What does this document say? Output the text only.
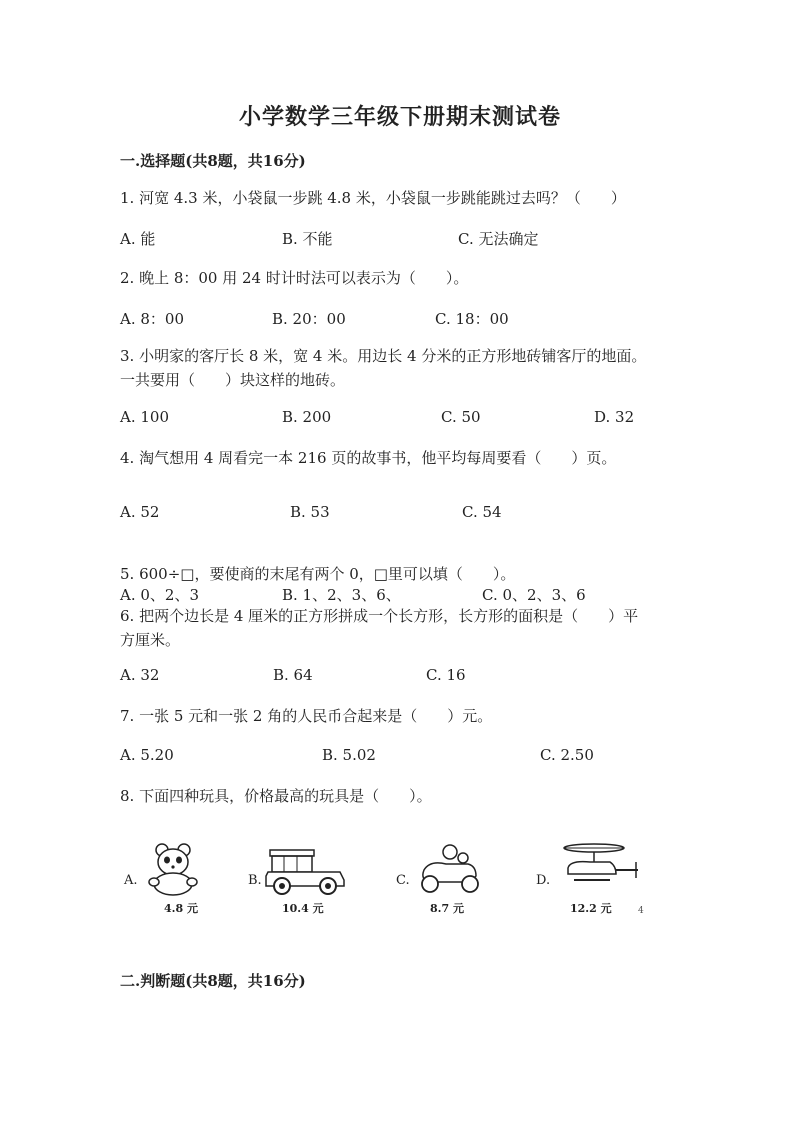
小学数学三年级下册期末测试卷
一.选择题(共8题，共16分)
1. 河宽 4.3 米，小袋鼠一步跳 4.8 米，小袋鼠一步跳能跳过去吗？（　　）
A. 能	B. 不能	C. 无法确定
2. 晚上 8：00 用 24 时计时法可以表示为（　　）。
A. 8：00	B. 20：00	C. 18：00
3. 小明家的客厅长 8 米，宽 4 米。用边长 4 分米的正方形地砖铺客厅的地面。
一共要用（　　）块这样的地砖。
A. 100	B. 200	C. 50	D. 32
4. 淘气想用 4 周看完一本 216 页的故事书，他平均每周要看（　　）页。
A. 52	B. 53	C. 54
5. 600÷□，要使商的末尾有两个 0，□里可以填（　　）。
A. 0、2、3	B. 1、2、3、6、	C. 0、2、3、6
6. 把两个边长是 4 厘米的正方形拼成一个长方形，长方形的面积是（　　）平
方厘米。
A. 32	B. 64	C. 16
7. 一张 5 元和一张 2 角的人民币合起来是（　　）元。
A. 5.20	B. 5.02	C. 2.50
8. 下面四种玩具，价格最高的玩具是（　　）。
A.
4.8 元
B.
10.4 元
C.
8.7 元
D.
12.2 元	4
二.判断题(共8题，共16分)
